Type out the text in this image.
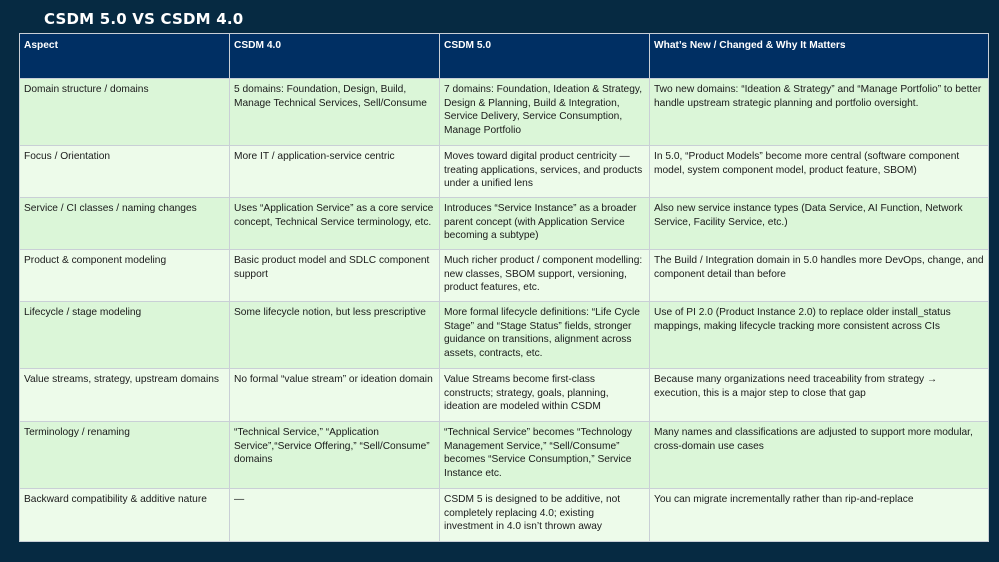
CSDM 5.0 VS CSDM 4.0
Aspect	CSDM 4.0	CSDM 5.0	What’s New / Changed & Why It Matters
Domain structure / domains	5 domains: Foundation, Design, Build, Manage Technical Services, Sell/Consume	7 domains: Foundation, Ideation & Strategy, Design & Planning, Build & Integration, Service Delivery, Service Consumption, Manage Portfolio	Two new domains: “Ideation & Strategy” and “Manage Portfolio” to better handle upstream strategic planning and portfolio oversight.
Focus / Orientation	More IT / application-service centric	Moves toward digital product centricity — treating applications, services, and products under a unified lens	In 5.0, “Product Models” become more central (software component model, system component model, product feature, SBOM)
Service / CI classes / naming changes	Uses “Application Service” as a core service concept, Technical Service terminology, etc.	Introduces “Service Instance” as a broader parent concept (with Application Service becoming a subtype)	Also new service instance types (Data Service, AI Function, Network Service, Facility Service, etc.)
Product & component modeling	Basic product model and SDLC component support	Much richer product / component modelling: new classes, SBOM support, versioning, product features, etc.	The Build / Integration domain in 5.0 handles more DevOps, change, and component detail than before
Lifecycle / stage modeling	Some lifecycle notion, but less prescriptive	More formal lifecycle definitions: “Life Cycle Stage” and “Stage Status” fields, stronger guidance on transitions, alignment across assets, contracts, etc.	Use of PI 2.0 (Product Instance 2.0) to replace older install_status mappings, making lifecycle tracking more consistent across CIs
Value streams, strategy, upstream domains	No formal “value stream” or ideation domain	Value Streams become first-class constructs; strategy, goals, planning, ideation are modeled within CSDM	Because many organizations need traceability from strategy → execution, this is a major step to close that gap
Terminology / renaming	“Technical Service,” “Application Service”,“Service Offering,” “Sell/Consume” domains	“Technical Service” becomes “Technology Management Service,” “Sell/Consume” becomes “Service Consumption,” Service Instance etc.	Many names and classifications are adjusted to support more modular, cross-domain use cases
Backward compatibility & additive nature	—	CSDM 5 is designed to be additive, not completely replacing 4.0; existing investment in 4.0 isn’t thrown away	You can migrate incrementally rather than rip-and-replace
